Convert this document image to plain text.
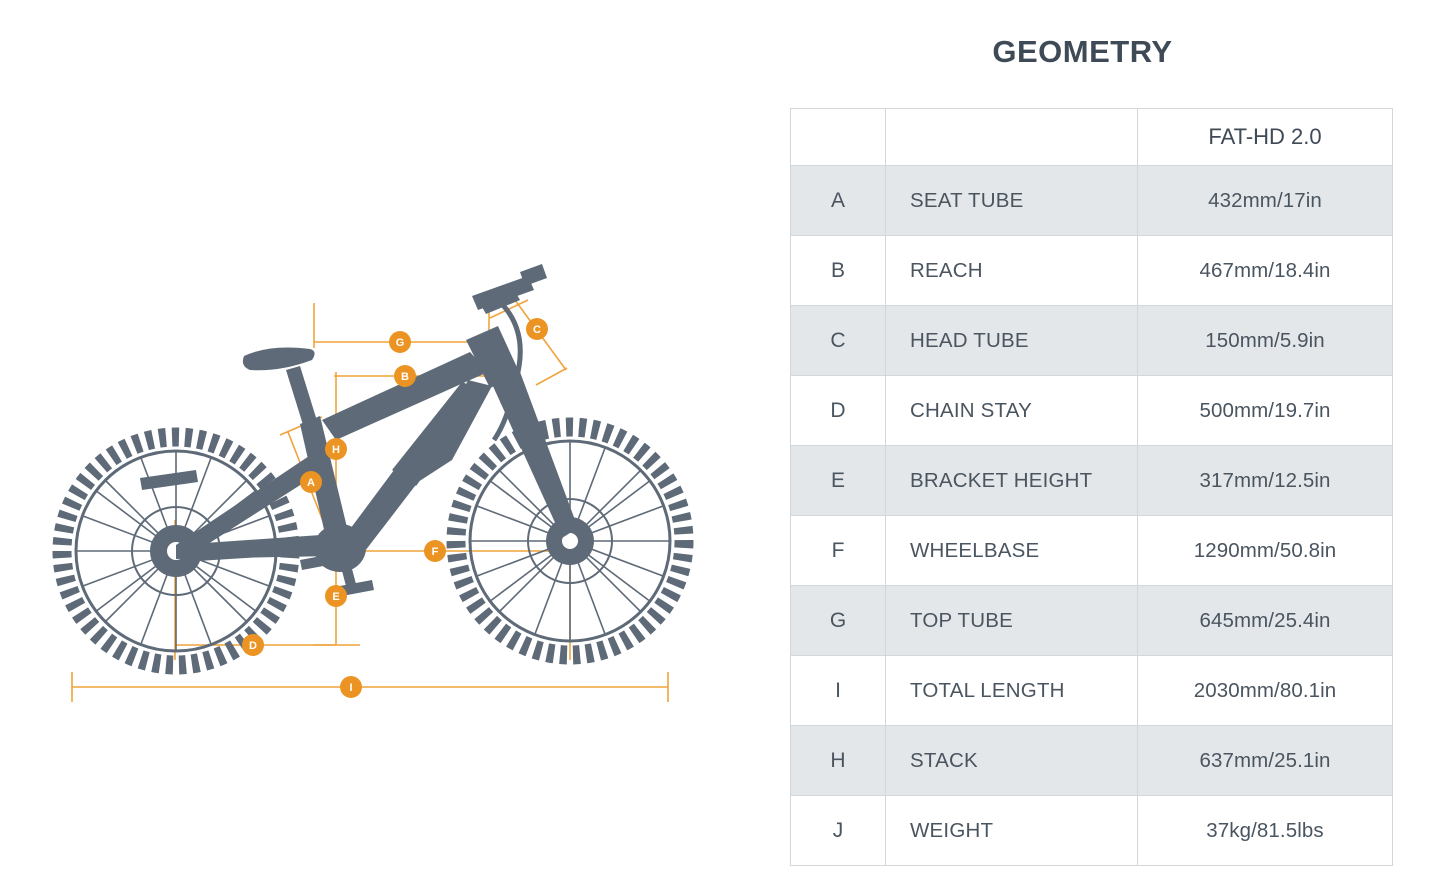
G
C
B
H
A
F
E
D
I
GEOMETRY
		FAT-HD 2.0
A	SEAT TUBE	432mm/17in
B	REACH	467mm/18.4in
C	HEAD TUBE	150mm/5.9in
D	CHAIN STAY	500mm/19.7in
E	BRACKET HEIGHT	317mm/12.5in
F	WHEELBASE	1290mm/50.8in
G	TOP TUBE	645mm/25.4in
I	TOTAL LENGTH	2030mm/80.1in
H	STACK	637mm/25.1in
J	WEIGHT	37kg/81.5lbs
